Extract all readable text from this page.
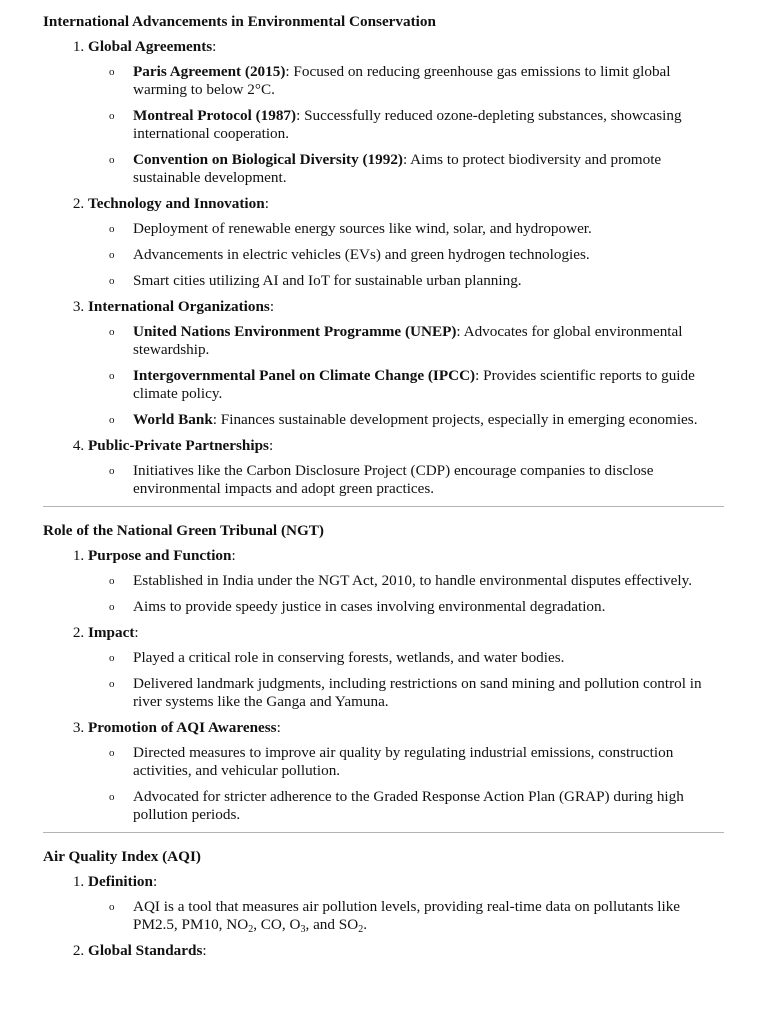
International Advancements in Environmental Conservation
1. Global Agreements:
o Paris Agreement (2015): Focused on reducing greenhouse gas emissions to limit global warming to below 2°C.
o Montreal Protocol (1987): Successfully reduced ozone-depleting substances, showcasing international cooperation.
o Convention on Biological Diversity (1992): Aims to protect biodiversity and promote sustainable development.
2. Technology and Innovation:
o Deployment of renewable energy sources like wind, solar, and hydropower.
o Advancements in electric vehicles (EVs) and green hydrogen technologies.
o Smart cities utilizing AI and IoT for sustainable urban planning.
3. International Organizations:
o United Nations Environment Programme (UNEP): Advocates for global environmental stewardship.
o Intergovernmental Panel on Climate Change (IPCC): Provides scientific reports to guide climate policy.
o World Bank: Finances sustainable development projects, especially in emerging economies.
4. Public-Private Partnerships:
o Initiatives like the Carbon Disclosure Project (CDP) encourage companies to disclose environmental impacts and adopt green practices.
Role of the National Green Tribunal (NGT)
1. Purpose and Function:
o Established in India under the NGT Act, 2010, to handle environmental disputes effectively.
o Aims to provide speedy justice in cases involving environmental degradation.
2. Impact:
o Played a critical role in conserving forests, wetlands, and water bodies.
o Delivered landmark judgments, including restrictions on sand mining and pollution control in river systems like the Ganga and Yamuna.
3. Promotion of AQI Awareness:
o Directed measures to improve air quality by regulating industrial emissions, construction activities, and vehicular pollution.
o Advocated for stricter adherence to the Graded Response Action Plan (GRAP) during high pollution periods.
Air Quality Index (AQI)
1. Definition:
o AQI is a tool that measures air pollution levels, providing real-time data on pollutants like PM2.5, PM10, $NO_2$, CO, $O_3$, and $SO_2$.
2. Global Standards:
